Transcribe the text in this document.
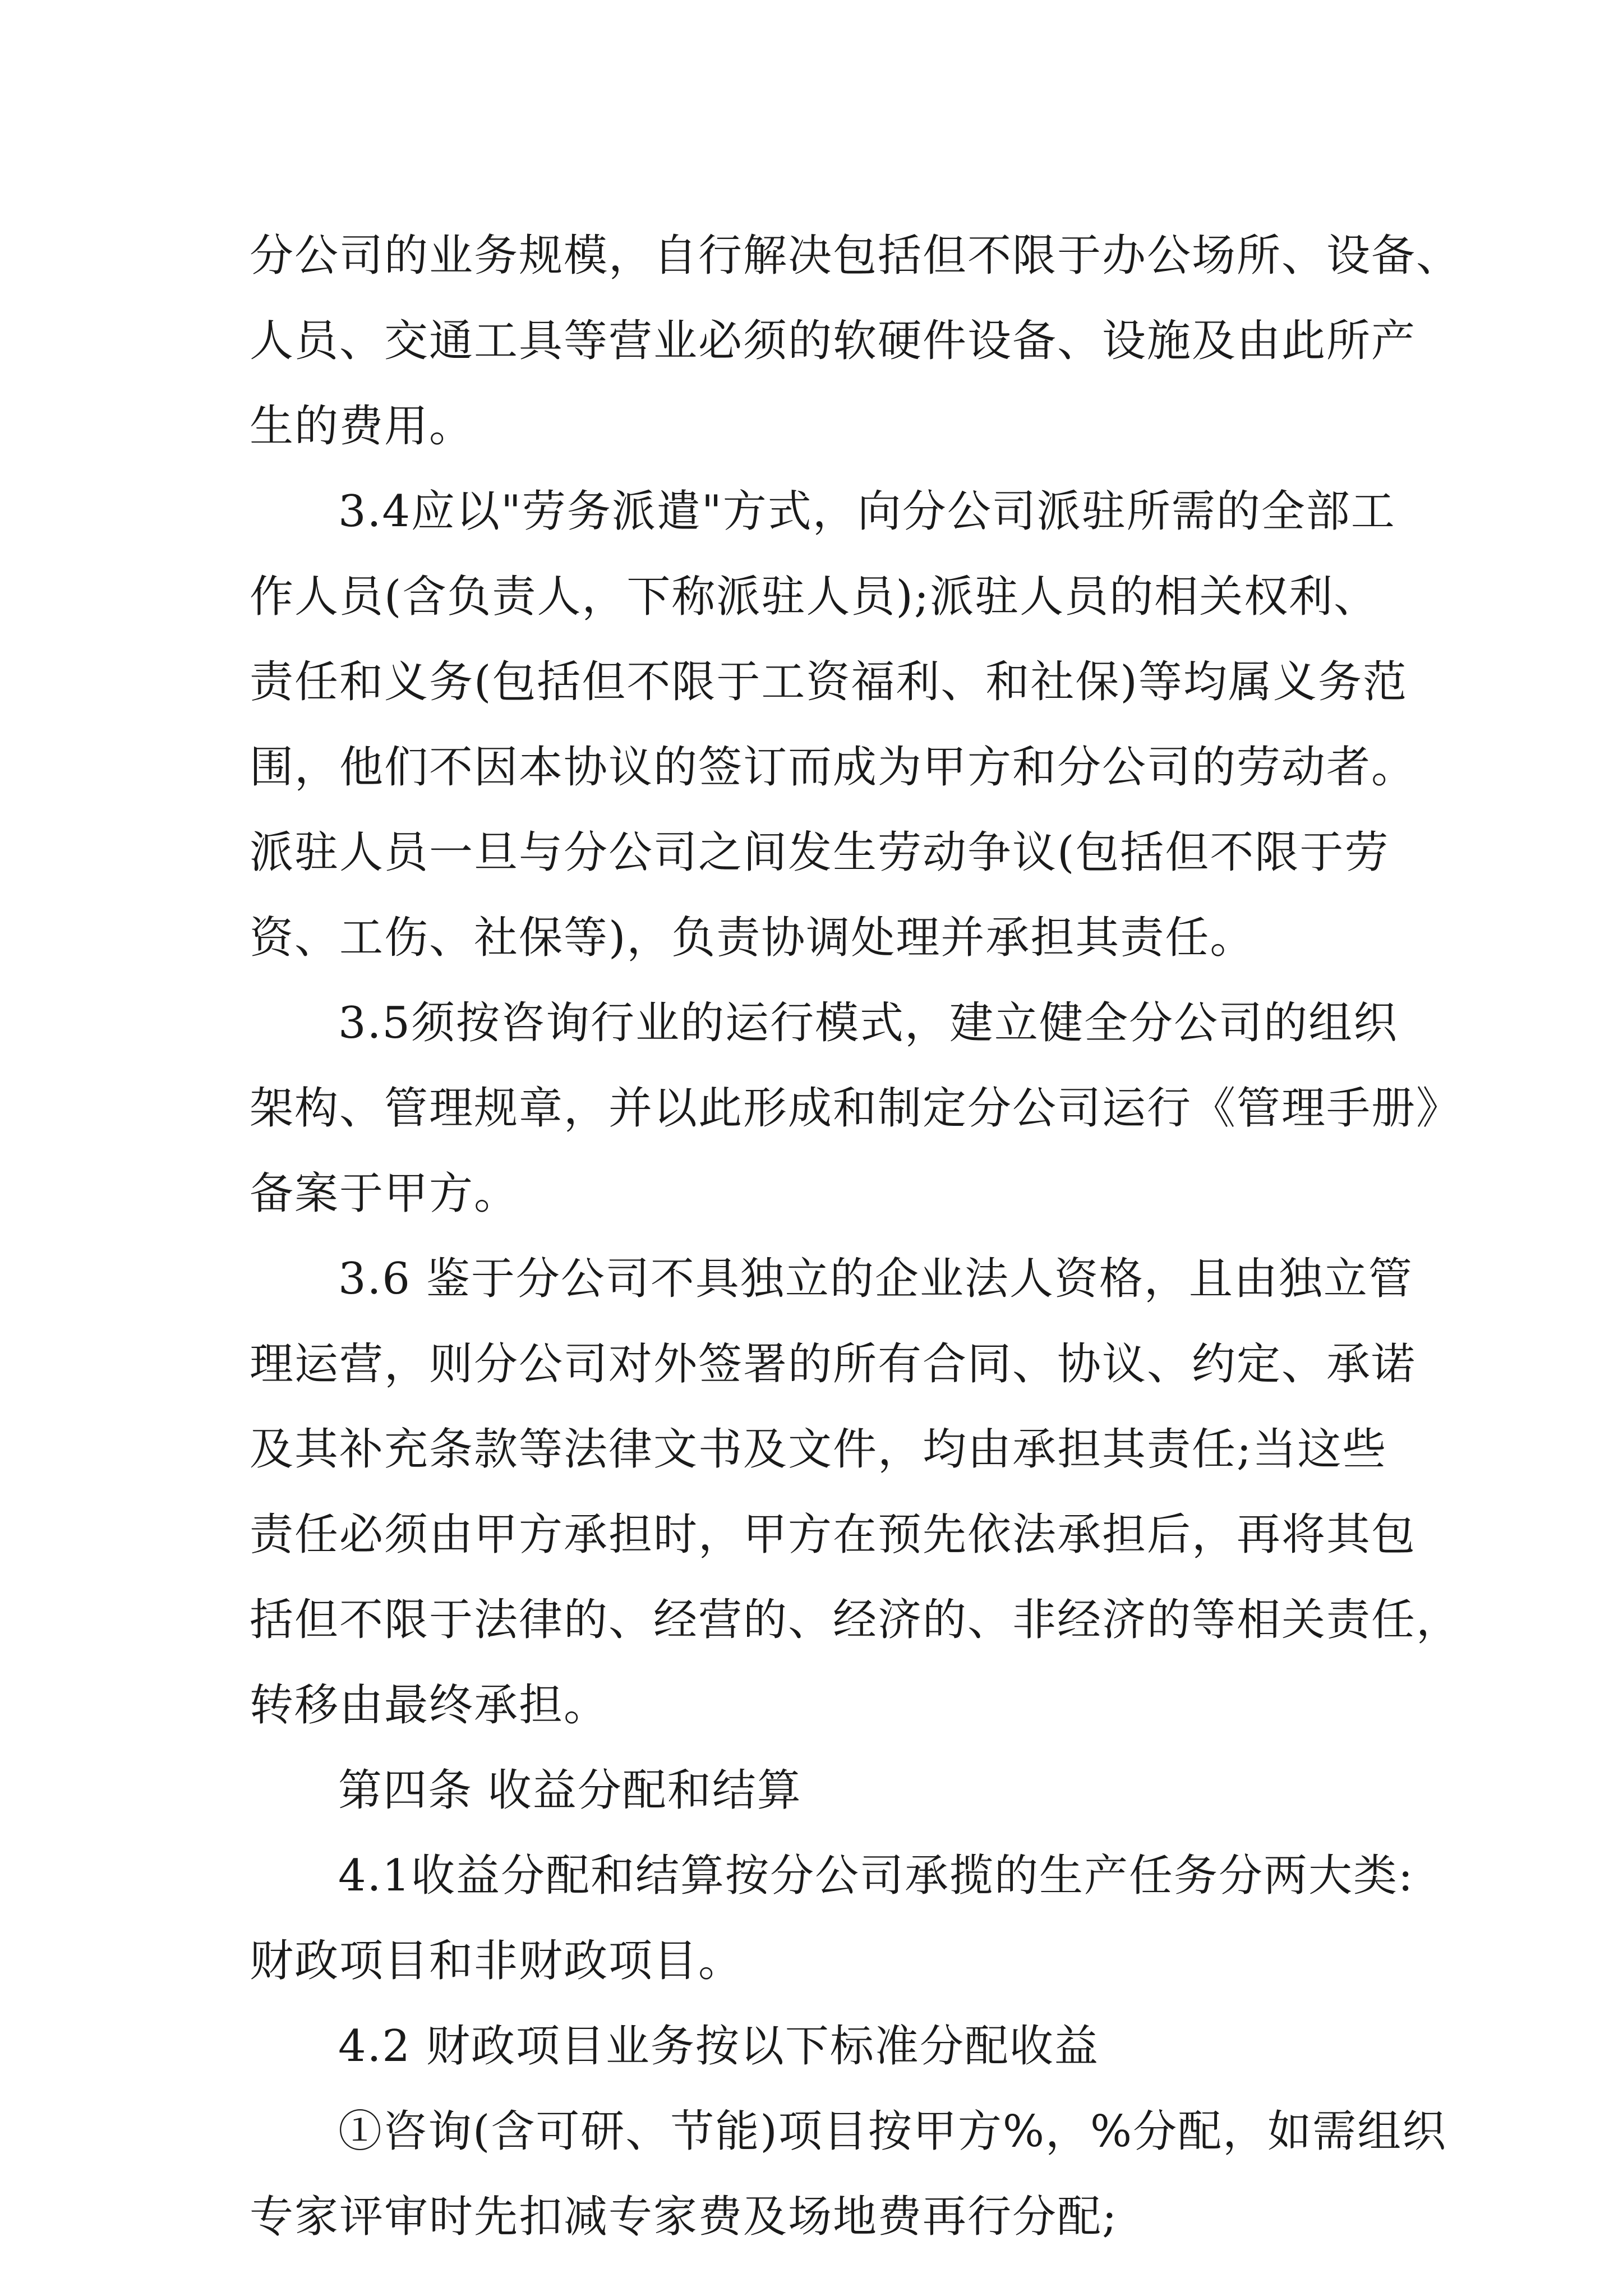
分公司的业务规模，自行解决包括但不限于办公场所、设备、
人员、交通工具等营业必须的软硬件设备、设施及由此所产
生的费用。

3.4应以"劳务派遣"方式，向分公司派驻所需的全部工
作人员(含负责人，下称派驻人员);派驻人员的相关权利、
责任和义务(包括但不限于工资福利、和社保)等均属义务范
围，他们不因本协议的签订而成为甲方和分公司的劳动者。
派驻人员一旦与分公司之间发生劳动争议(包括但不限于劳
资、工伤、社保等)，负责协调处理并承担其责任。

3.5须按咨询行业的运行模式，建立健全分公司的组织
架构、管理规章，并以此形成和制定分公司运行《管理手册》
备案于甲方。

3.6 鉴于分公司不具独立的企业法人资格，且由独立管
理运营，则分公司对外签署的所有合同、协议、约定、承诺
及其补充条款等法律文书及文件，均由承担其责任;当这些
责任必须由甲方承担时，甲方在预先依法承担后，再将其包
括但不限于法律的、经营的、经济的、非经济的等相关责任，
转移由最终承担。

第四条 收益分配和结算

4.1收益分配和结算按分公司承揽的生产任务分两大类:
财政项目和非财政项目。

4.2 财政项目业务按以下标准分配收益

①咨询(含可研、节能)项目按甲方%，%分配，如需组织
专家评审时先扣减专家费及场地费再行分配;
